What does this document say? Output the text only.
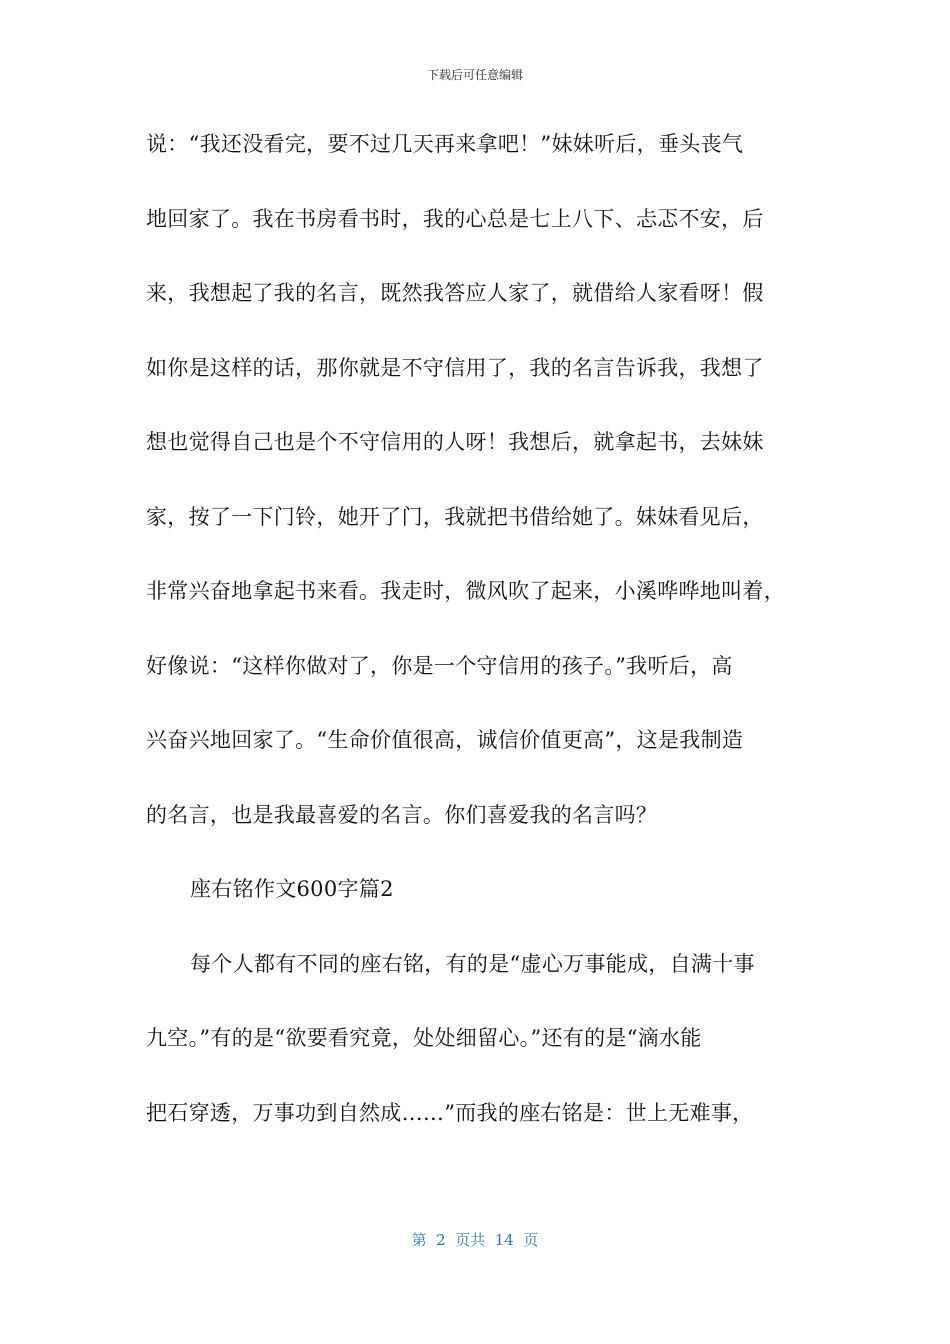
下载后可任意编辑
说：“我还没看完，要不过几天再来拿吧！”妹妹听后，垂头丧气
地回家了。我在书房看书时，我的心总是七上八下、忐忑不安，后
来，我想起了我的名言，既然我答应人家了，就借给人家看呀！假
如你是这样的话，那你就是不守信用了，我的名言告诉我，我想了
想也觉得自己也是个不守信用的人呀！我想后，就拿起书，去妹妹
家，按了一下门铃，她开了门，我就把书借给她了。妹妹看见后，
非常兴奋地拿起书来看。我走时，微风吹了起来，小溪哗哗地叫着，
好像说：“这样你做对了，你是一个守信用的孩子。”我听后，高
兴奋兴地回家了。“生命价值很高，诚信价值更高”，这是我制造
的名言，也是我最喜爱的名言。你们喜爱我的名言吗？
座右铭作文600字篇2
每个人都有不同的座右铭，有的是“虚心万事能成，自满十事
九空。”有的是“欲要看究竟，处处细留心。”还有的是“滴水能
把石穿透，万事功到自然成……”而我的座右铭是：世上无难事，
第  2  页共  14  页
